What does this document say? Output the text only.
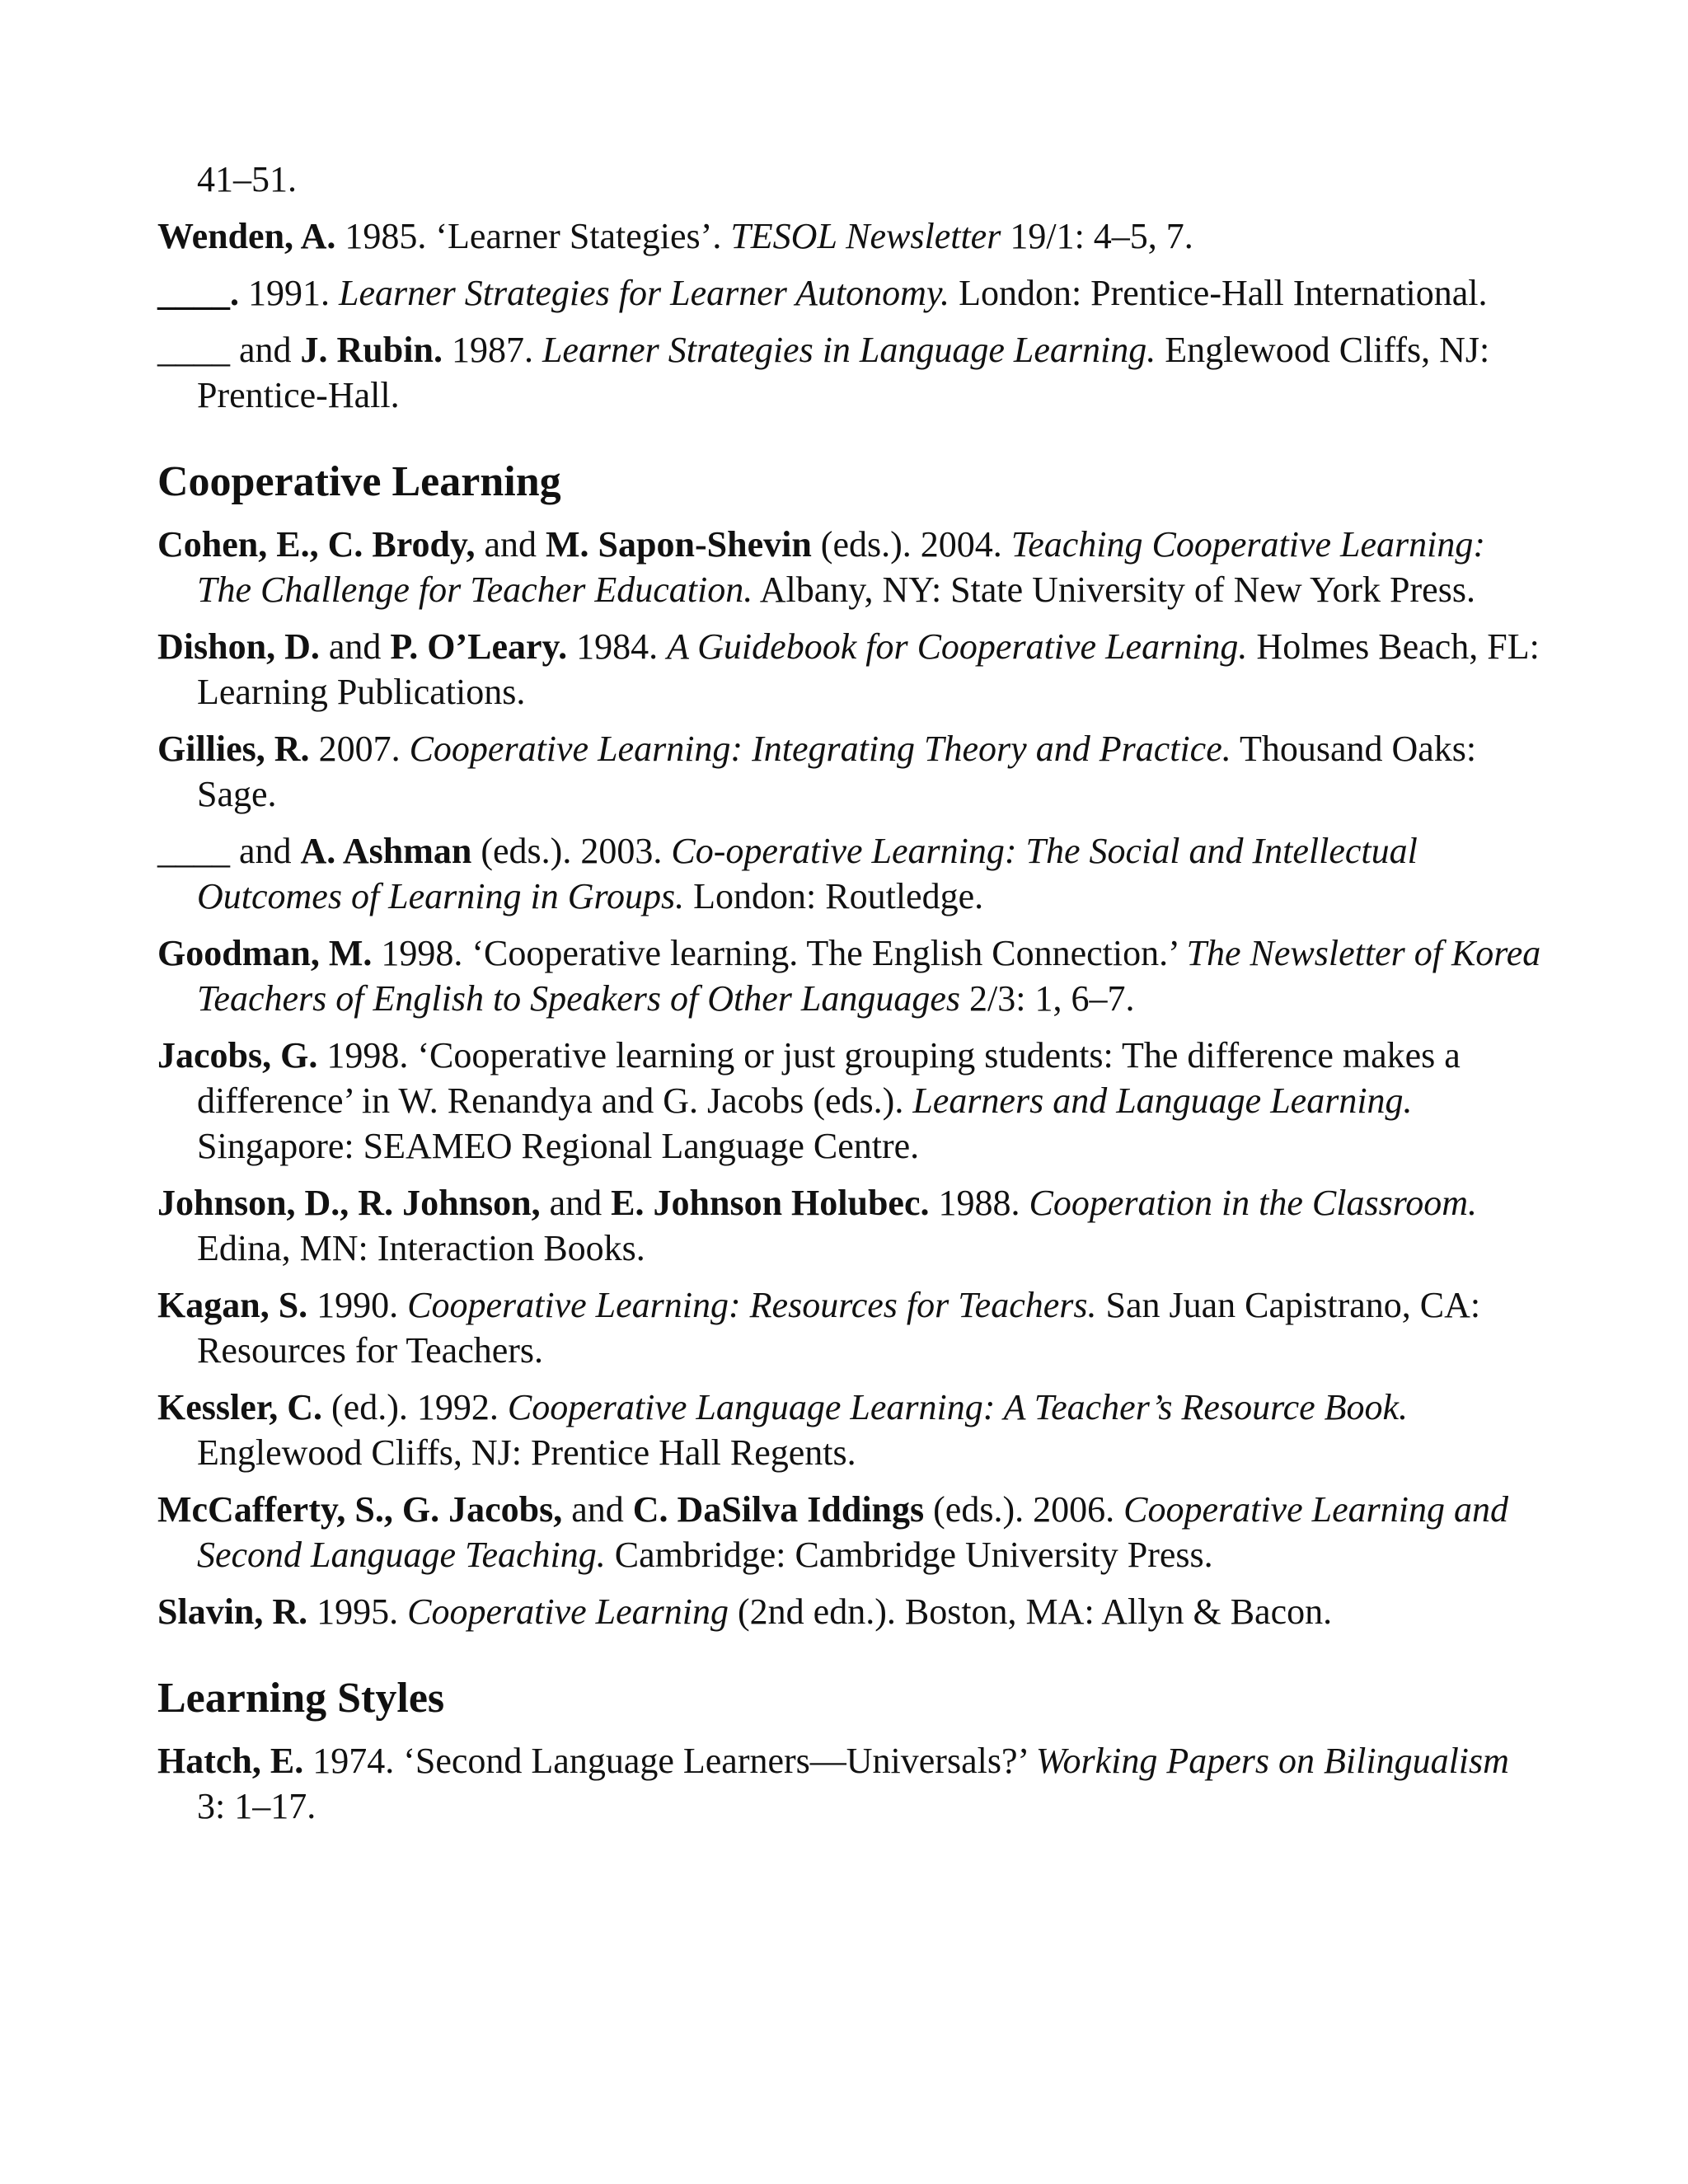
41–51.
Wenden, A. 1985. ‘Learner Stategies’. TESOL Newsletter 19/1: 4–5, 7.
____. 1991. Learner Strategies for Learner Autonomy. London: Prentice-Hall International.
____ and J. Rubin. 1987. Learner Strategies in Language Learning. Englewood Cliffs, NJ: Prentice-Hall.
Cooperative Learning
Cohen, E., C. Brody, and M. Sapon-Shevin (eds.). 2004. Teaching Cooperative Learning: The Challenge for Teacher Education. Albany, NY: State University of New York Press.
Dishon, D. and P. O’Leary. 1984. A Guidebook for Cooperative Learning. Holmes Beach, FL: Learning Publications.
Gillies, R. 2007. Cooperative Learning: Integrating Theory and Practice. Thousand Oaks: Sage.
____ and A. Ashman (eds.). 2003. Co-operative Learning: The Social and Intellectual Outcomes of Learning in Groups. London: Routledge.
Goodman, M. 1998. ‘Cooperative learning. The English Connection.’ The Newsletter of Korea Teachers of English to Speakers of Other Languages 2/3: 1, 6–7.
Jacobs, G. 1998. ‘Cooperative learning or just grouping students: The difference makes a difference’ in W. Renandya and G. Jacobs (eds.). Learners and Language Learning. Singapore: SEAMEO Regional Language Centre.
Johnson, D., R. Johnson, and E. Johnson Holubec. 1988. Cooperation in the Classroom. Edina, MN: Interaction Books.
Kagan, S. 1990. Cooperative Learning: Resources for Teachers. San Juan Capistrano, CA: Resources for Teachers.
Kessler, C. (ed.). 1992. Cooperative Language Learning: A Teacher’s Resource Book. Englewood Cliffs, NJ: Prentice Hall Regents.
McCafferty, S., G. Jacobs, and C. DaSilva Iddings (eds.). 2006. Cooperative Learning and Second Language Teaching. Cambridge: Cambridge University Press.
Slavin, R. 1995. Cooperative Learning (2nd edn.). Boston, MA: Allyn & Bacon.
Learning Styles
Hatch, E. 1974. ‘Second Language Learners—Universals?’ Working Papers on Bilingualism 3: 1–17.
